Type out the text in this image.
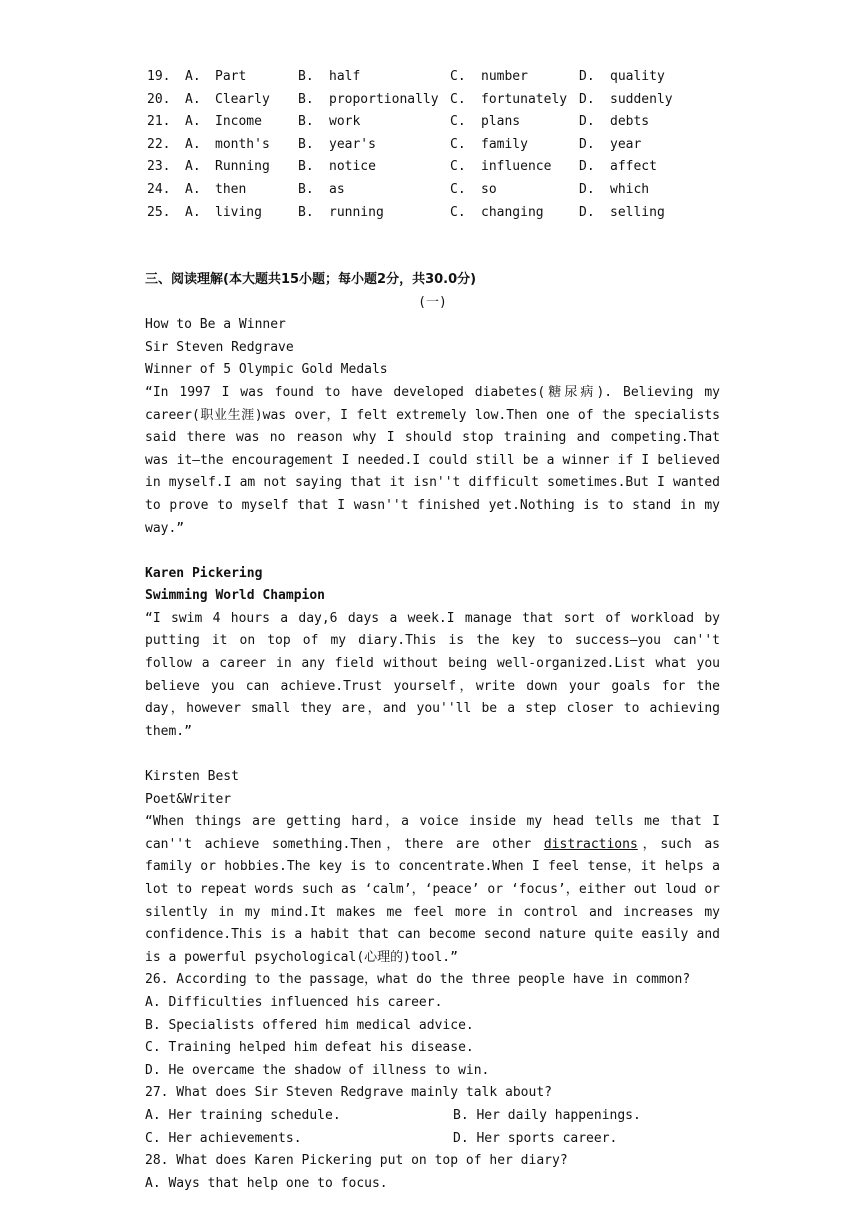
19. A. Part	B. half	C. number	D. quality
20. A. Clearly B. proportionally C. fortunately D. suddenly
21. A. Income	B. work	C. plans	D. debts
22. A. month's B. year's	C. family	D. year
23. A. Running B. notice	C. influence D. affect
24. A. then	B. as	C. so	D. which
25. A. living	B. running	C. changing	D. selling
三、阅读理解(本大题共15小题；每小题2分，共30.0分)
(一)
How to Be a Winner
Sir Steven Redgrave
Winner of 5 Olympic Gold Medals

“In 1997 I was found to have developed diabetes(糖尿病). Believing my career(职业生涯)was over，I felt extremely low.Then one of the specialists said there was no reason why I should stop training and competing.That was it—the encouragement I needed.I could still be a winner if I believed in myself.I am not saying that it isn''t difficult sometimes.But I wanted to prove to myself that I wasn''t finished yet.Nothing is to stand in my way.”

Karen Pickering
Swimming World Champion

“I swim 4 hours a day,6 days a week.I manage that sort of workload by putting it on top of my diary.This is the key to success—you can''t follow a career in any field without being well-organized.List what you believe you can achieve.Trust yourself，write down your goals for the day，however small they are，and you''ll be a step closer to achieving them.”

Kirsten Best
Poet&Writer

“When things are getting hard，a voice inside my head tells me that I can''t achieve something.Then，there are other distractions，such as family or hobbies.The key is to concentrate.When I feel tense，it helps a lot to repeat words such as ‘calm’，‘peace’ or ‘focus’，either out loud or silently in my mind.It makes me feel more in control and increases my confidence.This is a habit that can become second nature quite easily and is a powerful psychological(心理的)tool.”

26. According to the passage，what do the three people have in common?
A. Difficulties influenced his career.
B. Specialists offered him medical advice.
C. Training helped him defeat his disease.
D. He overcame the shadow of illness to win.
27. What does Sir Steven Redgrave mainly talk about?
A. Her training schedule.	B. Her daily happenings.
C. Her achievements.	D. Her sports career.
28. What does Karen Pickering put on top of her diary?
A. Ways that help one to focus.
